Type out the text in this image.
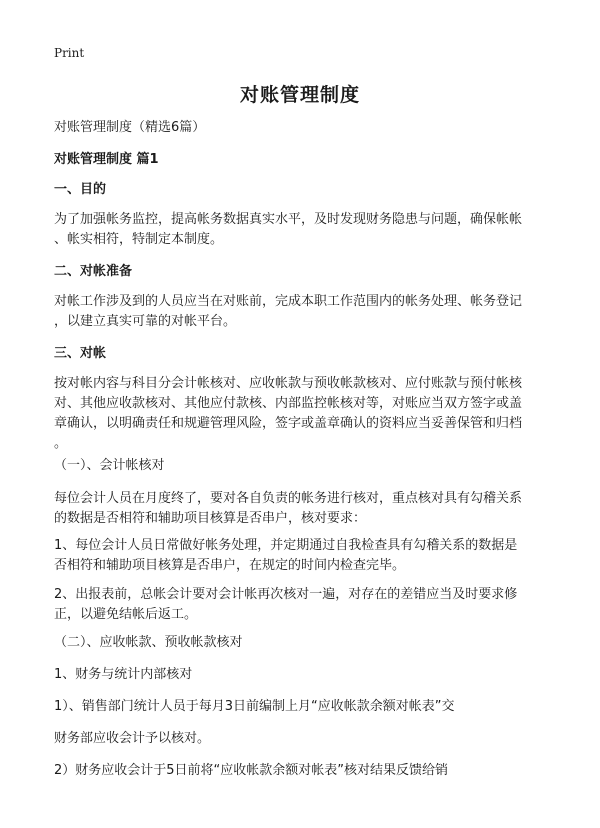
Print
对账管理制度

对账管理制度（精选6篇）

对账管理制度 篇1

一、目的

为了加强帐务监控，提高帐务数据真实水平，及时发现财务隐患与问题，确保帐帐
、帐实相符，特制定本制度。

二、对帐准备

对帐工作涉及到的人员应当在对账前，完成本职工作范围内的帐务处理、帐务登记
，以建立真实可靠的对帐平台。

三、对帐

按对帐内容与科目分会计帐核对、应收帐款与预收帐款核对、应付账款与预付帐核
对、其他应收款核对、其他应付款核、内部监控帐核对等，对账应当双方签字或盖
章确认，以明确责任和规避管理风险，签字或盖章确认的资料应当妥善保管和归档
。

（一）、会计帐核对

每位会计人员在月度终了，要对各自负责的帐务进行核对，重点核对具有勾稽关系
的数据是否相符和辅助项目核算是否串户，核对要求：

1、每位会计人员日常做好帐务处理，并定期通过自我检查具有勾稽关系的数据是
否相符和辅助项目核算是否串户，在规定的时间内检查完毕。

2、出报表前，总帐会计要对会计帐再次核对一遍，对存在的差错应当及时要求修
正，以避免结帐后返工。

（二）、应收帐款、预收帐款核对

1、财务与统计内部核对

1）、销售部门统计人员于每月3日前编制上月“应收帐款余额对帐表”交

财务部应收会计予以核对。

2）财务应收会计于5日前将“应收帐款余额对帐表”核对结果反馈给销
